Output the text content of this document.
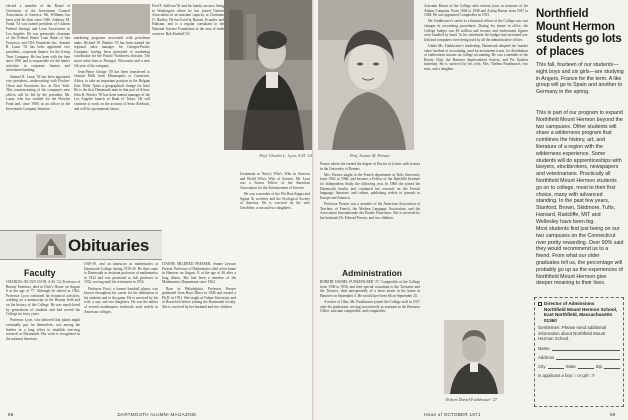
elected a member of the Board of Governors of the Investment Council Association of America. Mr. Williams has been with his firm since 1946. Anthony M. Frank '54 was named president of Citizens Federal Savings and Loan Association in Los Angeles. He was previously chairman of the Federal Home Loan Bank of San Francisco and INA Properties Inc. Samuel R. Lazar '54 has been appointed vice president—corporate finance for the Irving Trust Company. He has been with the firm since 1961 and is responsible for the bank's activities in corporate finance and investment banking.

Samuel R. Lazar '54 has been appointed vice president—underwriting with Fischer-Olson and Associates Inc. in New York. This commissioning of the company's new offices will be led by the president, Mr. Lazar, who has worked for the Dreyfus Fund and, since 1969, as an officer in the Investment Company Institute.

marketing programs associated with petroleum tanks. Richard W. Bunker '55 has been named the regional sales manager for Georgia-Pacific Company, having been promoted to marketing coordinator for the Pacific Northwest division. The move takes him to Portugal, Wisconsin and a new 5th year of the company.

Jean-Pierre George '59 has been transferred to Gemini Mills from Minneapolis to Cameroon, Africa, to take an important position in the Belgian Gen. Mills. Quite a geographical change for him! He is the first Dartmouth man in that part of Africa. John R. Bowler '59 has been named manager of the Los Angeles branch of Bank of Tokyo. He will continue to work on the account of Sears Roebuck, and will be a permanent fixture.

Fred E. Sullivan '61 and his family are now living in Washington where he has joined Gemini Association in an assistant capacity to Chairman O. Hartley. He has lived in Hawaii, Ecuador, and Pakistan, and is a regular consultant to the National Science Foundation in the area of earth sciences. Bob Kimball '63

Prof. Charles L. Lyon, A.M. '24
Obituaries
Faculty

CHARLES JULIAN LYON, A.M. '24, Professor of Botany Emeritus, died in Dick's House on August 6 at the age of 77. Although he retired in 1963, Professor Lyon continued his botanical activities, working on a manuscript in the Botany field and on the history of the College. He was much-loved by generations of students and had served the College for forty years.

Professor Lyon, who believed that plants might eventually pay for themselves, was among the leaders in a long effort to establish tree-ring research at Dartmouth. His work is recognized in the national literature.

1918-19, and an instructor in mathematics at Dartmouth College during 1919-20. He then came to Dartmouth as assistant professor of mathematics in 1922 and was promoted to full professor in 1932, serving until his retirement in 1954.

Professor Frost, a former baseball player, was known throughout his career for his dedication to his students and to the game. He is survived by his wife, a son, and two daughters. He was the author of several mathematics textbooks used widely in American colleges.

IVANNE MILDRED PRESSER, Jeanne Lawson Presser, Professor of Mathematics died at her home in Hanover on August 11 at the age of 46 after a long illness. She had been a member of the Mathematics Department since 1963.

Born in Philadelphia, Professor Presser graduated from Bryn Mawr in 1946 and earned a Ph.D. in 1951. She taught at Tulane University and at Haverford before joining the Dartmouth faculty. She is survived by her husband and two children.

Lieutenant in Navy's Who's Who in America and World Who's Who of Science, Mr. Lyon was a Senior Fellow of the American Association for the Advancement of Science.

He was a member of the Phi Beta Kappa and Sigma Xi societies and the Ecological Society of America. He is survived by his wife Geraldine, a son and two daughters.

88	DARTMOUTH ALUMNI MAGAZINE
Prof. Ivanne M. Presser

France where she earned the degree of Doctor of Letters with honors in the University of Rennes.

Mrs. Presser taught in the French department at Tufts University from 1962 to 1968, and became a Fellow of the Radcliffe Institute for Independent Study the following year. In 1968 she joined the Dartmouth faculty and continued her research on the French language, literature, and culture, publishing widely in journals in Europe and America.

Professor Presser was a member of the American Association of Teachers of French, the Modern Language Association, and the Association Internationale des Etudes Francaises. She is survived by her husband, Dr. Edward Presser, and two children.

Administration

ROBERT DANIEL FUNKHOUSER '27, Comptroller of the College from 1938 to 1956, and then special consultant to the Treasurer and the Trustees, died unexpectedly of a heart attack in his home in Hanover on September 3. He would have been 66 on September 25.

A native of Ohio, Mr. Funkhouser joined the College staff in 1927 after his graduation, serving successively as assistant in the Business Office, assistant comptroller, and comptroller.

Assistant Bursar of the College after several years as treasurer of the Adams Company. From 1944 to 1948 and Acting Bursar from 1947 to 1948. He was appointed Comptroller in 1953.

Mr. Funkhouser's career as a financial officer of the College saw vast changes in accounting procedures. During his tenure in office, the College budget was $3 million and income and endowment figures were handled by hand. At his retirement the budget had increased ten-fold and computers were being used by all the administrative offices.

Under Mr. Funkhouser's leadership, Dartmouth adopted the 'market value' method of accounting, used by investment trusts, for distribution of endowment income on college accounting. He was a member of the Rotary Club, the Hanover Improvement Society, and Psi Upsilon fraternity. He is survived by his wife, Mrs. Thelma Funkhouser, two sons, and a daughter.

Robert Daniel Funkhouser '27
Northfield Mount Hermon students go lots of places
This fall, fourteen of our students—eight boys and six girls—are studying in Angers, France for the term. A like group will go to Spain and another to Germany in the spring.
This is part of our program to expand Northfield Mount Hermon beyond the two campuses. Other students will share a wilderness program that combines the history, art, and literature of a region with the wilderness experience. Some students will do apprenticeships with lawyers, stockbrokers, newspapers and veterinarians. Practically all Northfield Mount Hermon students go on to college, most to their first choice, many with advanced standing. In the past few years, Stanford, Brown, Skidmore, Tufts, Harvard, Radcliffe, MIT and Wellesley have been big.
Most students find just being on our two campuses on the Connecticut river pretty rewarding. Over 90% said they would recommend us to a friend. From what our older graduates tell us, the percentage will probably go up as the experiences of Northfield Mount Hermon give deeper meaning to their lives.
Director of Admissions
Northfield Mount Hermon School, East Northfield, Massachusetts 01360
Gentlemen: Please send additional information about Northfield Mount Hermon School.
Name
Address
City	State	Zip
Is applicant a boy □ or girl □?
Issue of OCTOBER 1971	89
